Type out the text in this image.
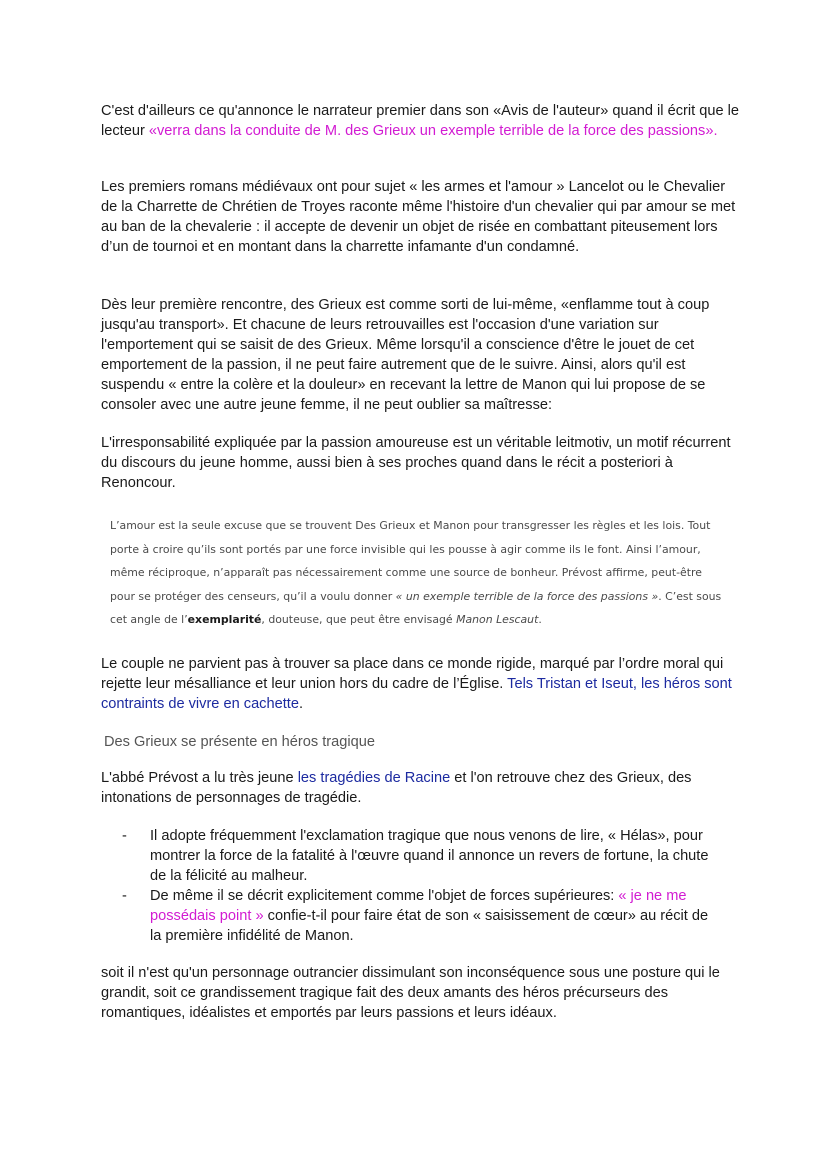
C'est d'ailleurs ce qu'annonce le narrateur premier dans son «Avis de l'auteur» quand il écrit que le lecteur «verra dans la conduite de M. des Grieux un exemple terrible de la force des passions».

Les premiers romans médiévaux ont pour sujet « les armes et l'amour » Lancelot ou le Chevalier de la Charrette de Chrétien de Troyes raconte même l'histoire d'un chevalier qui par amour se met au ban de la chevalerie : il accepte de devenir un objet de risée en combattant piteusement lors d’un de tournoi et en montant dans la charrette infamante d'un condamné.

Dès leur première rencontre, des Grieux est comme sorti de lui-même, «enflamme tout à coup jusqu'au transport». Et chacune de leurs retrouvailles est l'occasion d'une variation sur l'emportement qui se saisit de des Grieux. Même lorsqu'il a conscience d'être le jouet de cet emportement de la passion, il ne peut faire autrement que de le suivre. Ainsi, alors qu'il est suspendu « entre la colère et la douleur» en recevant la lettre de Manon qui lui propose de se consoler avec une autre jeune femme, il ne peut oublier sa maîtresse:

L'irresponsabilité expliquée par la passion amoureuse est un véritable leitmotiv, un motif récurrent du discours du jeune homme, aussi bien à ses proches quand dans le récit a posteriori à Renoncour.

L’amour est la seule excuse que se trouvent Des Grieux et Manon pour transgresser les règles et les lois. Tout porte à croire qu’ils sont portés par une force invisible qui les pousse à agir comme ils le font. Ainsi l’amour, même réciproque, n’apparaît pas nécessairement comme une source de bonheur. Prévost affirme, peut-être pour se protéger des censeurs, qu’il a voulu donner « un exemple terrible de la force des passions ». C’est sous cet angle de l’exemplarité, douteuse, que peut être envisagé Manon Lescaut.

Le couple ne parvient pas à trouver sa place dans ce monde rigide, marqué par l’ordre moral qui rejette leur mésalliance et leur union hors du cadre de l’Église. Tels Tristan et Iseut, les héros sont contraints de vivre en cachette.

Des Grieux se présente en héros tragique

L'abbé Prévost a lu très jeune les tragédies de Racine et l'on retrouve chez des Grieux, des intonations de personnages de tragédie.

- Il adopte fréquemment l'exclamation tragique que nous venons de lire, « Hélas», pour montrer la force de la fatalité à l'œuvre quand il annonce un revers de fortune, la chute de la félicité au malheur.
- De même il se décrit explicitement comme l'objet de forces supérieures: « je ne me possédais point » confie-t-il pour faire état de son « saisissement de cœur» au récit de la première infidélité de Manon.

soit il n'est qu'un personnage outrancier dissimulant son inconséquence sous une posture qui le grandit, soit ce grandissement tragique fait des deux amants des héros précurseurs des romantiques, idéalistes et emportés par leurs passions et leurs idéaux.
